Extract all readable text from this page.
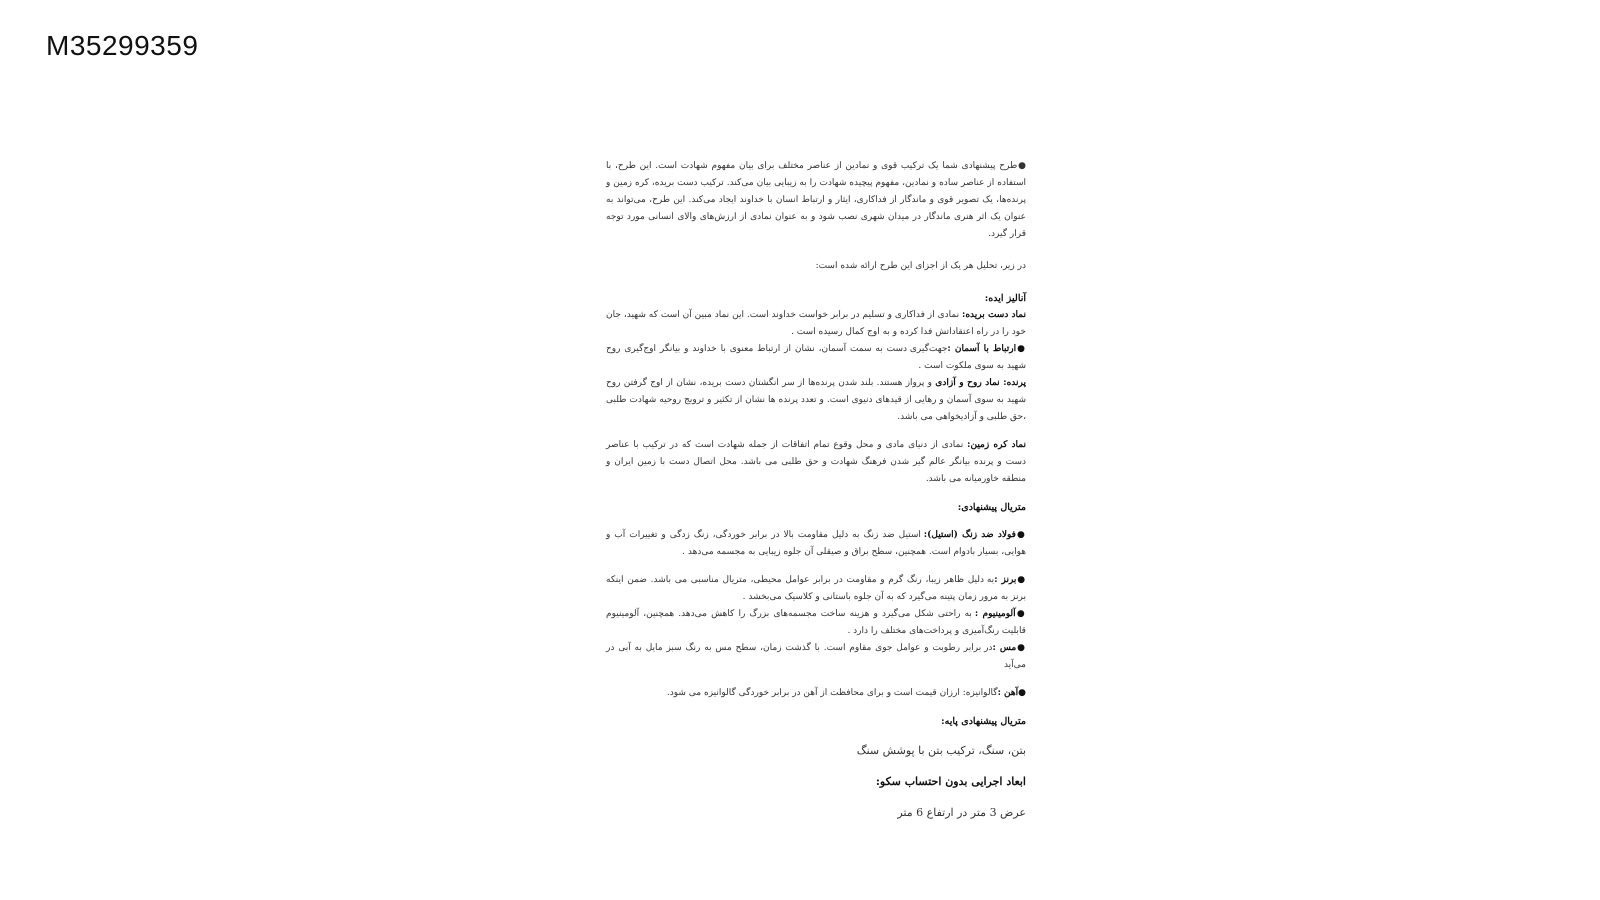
M35299359

●طرح پیشنهادی شما یک ترکیب قوی و نمادین از عناصر مختلف برای بیان مفهوم شهادت است. این طرح، با استفاده از عناصر ساده و نمادین، مفهوم پیچیده شهادت را به زیبایی بیان می‌کند. ترکیب دست بریده، کره زمین و پرنده‌ها، یک تصویر قوی و ماندگار از فداکاری، ایثار و ارتباط انسان با خداوند ایجاد می‌کند. این طرح، می‌تواند به عنوان یک اثر هنری ماندگار در میدان شهری نصب شود و به عنوان نمادی از ارزش‌های والای انسانی مورد توجه قرار گیرد.

در زیر، تحلیل هر یک از اجزای این طرح ارائه شده است:

آنالیز ایده:

نماد دست بریده: نمادی از فداکاری و تسلیم در برابر خواست خداوند است. این نماد مبین آن است که شهید، جان خود را در راه اعتقاداتش فدا کرده و به اوج کمال رسیده است .

●ارتباط با آسمان :جهت‌گیری دست به سمت آسمان، نشان از ارتباط معنوی با خداوند و بیانگر اوج‌گیری روح شهید به سوی ملکوت است .

پرنده: نماد روح و آزادی و پرواز هستند. بلند شدن پرنده‌ها از سر انگشتان دست بریده، نشان از اوج گرفتن روح شهید به سوی آسمان و رهایی از قیدهای دنیوی است. و تعدد پرنده ها نشان از تکثیر و ترویج روحیه شهادت طلبی ،حق طلبی و آزادیخواهی می باشد.

نماد کره زمین: نمادی از دنیای مادی و محل وقوع تمام اتفاقات از جمله شهادت است که در ترکیب با عناصر دست و پرنده بیانگر عالم گیر شدن فرهنگ شهادت و حق طلبی می باشد. محل اتصال دست با زمین ایران و منطقه خاورمیانه می باشد.

متریال پیشنهادی:

●فولاد ضد زنگ (استیل): استیل ضد زنگ به دلیل مقاومت بالا در برابر خوردگی، زنگ زدگی و تغییرات آب و هوایی، بسیار بادوام است. همچنین، سطح براق و صیقلی آن جلوه زیبایی به مجسمه می‌دهد .

●برنز :به دلیل ظاهر زیبا، رنگ گرم و مقاومت در برابر عوامل محیطی، متریال مناسبی می باشد. ضمن اینکه برنز به مرور زمان پتینه می‌گیرد که به آن جلوه باستانی و کلاسیک می‌بخشد .

●آلومینیوم : به راحتی شکل می‌گیرد و هزینه ساخت مجسمه‌های بزرگ را کاهش می‌دهد. همچنین، آلومینیوم قابلیت رنگ‌آمیزی و پرداخت‌های مختلف را دارد .

●مس :در برابر رطوبت و عوامل جوی مقاوم است. با گذشت زمان، سطح مس به رنگ سبز مایل به آبی در می‌آید

●آهن :گالوانیزه: ارزان قیمت است و برای محافظت از آهن در برابر خوردگی گالوانیزه می شود.

متریال پیشنهادی پایه:

بتن، سنگ، ترکیب بتن با پوشش سنگ

ابعاد اجرایی بدون احتساب سکو:

عرض 3 متر در ارتفاع 6 متر
